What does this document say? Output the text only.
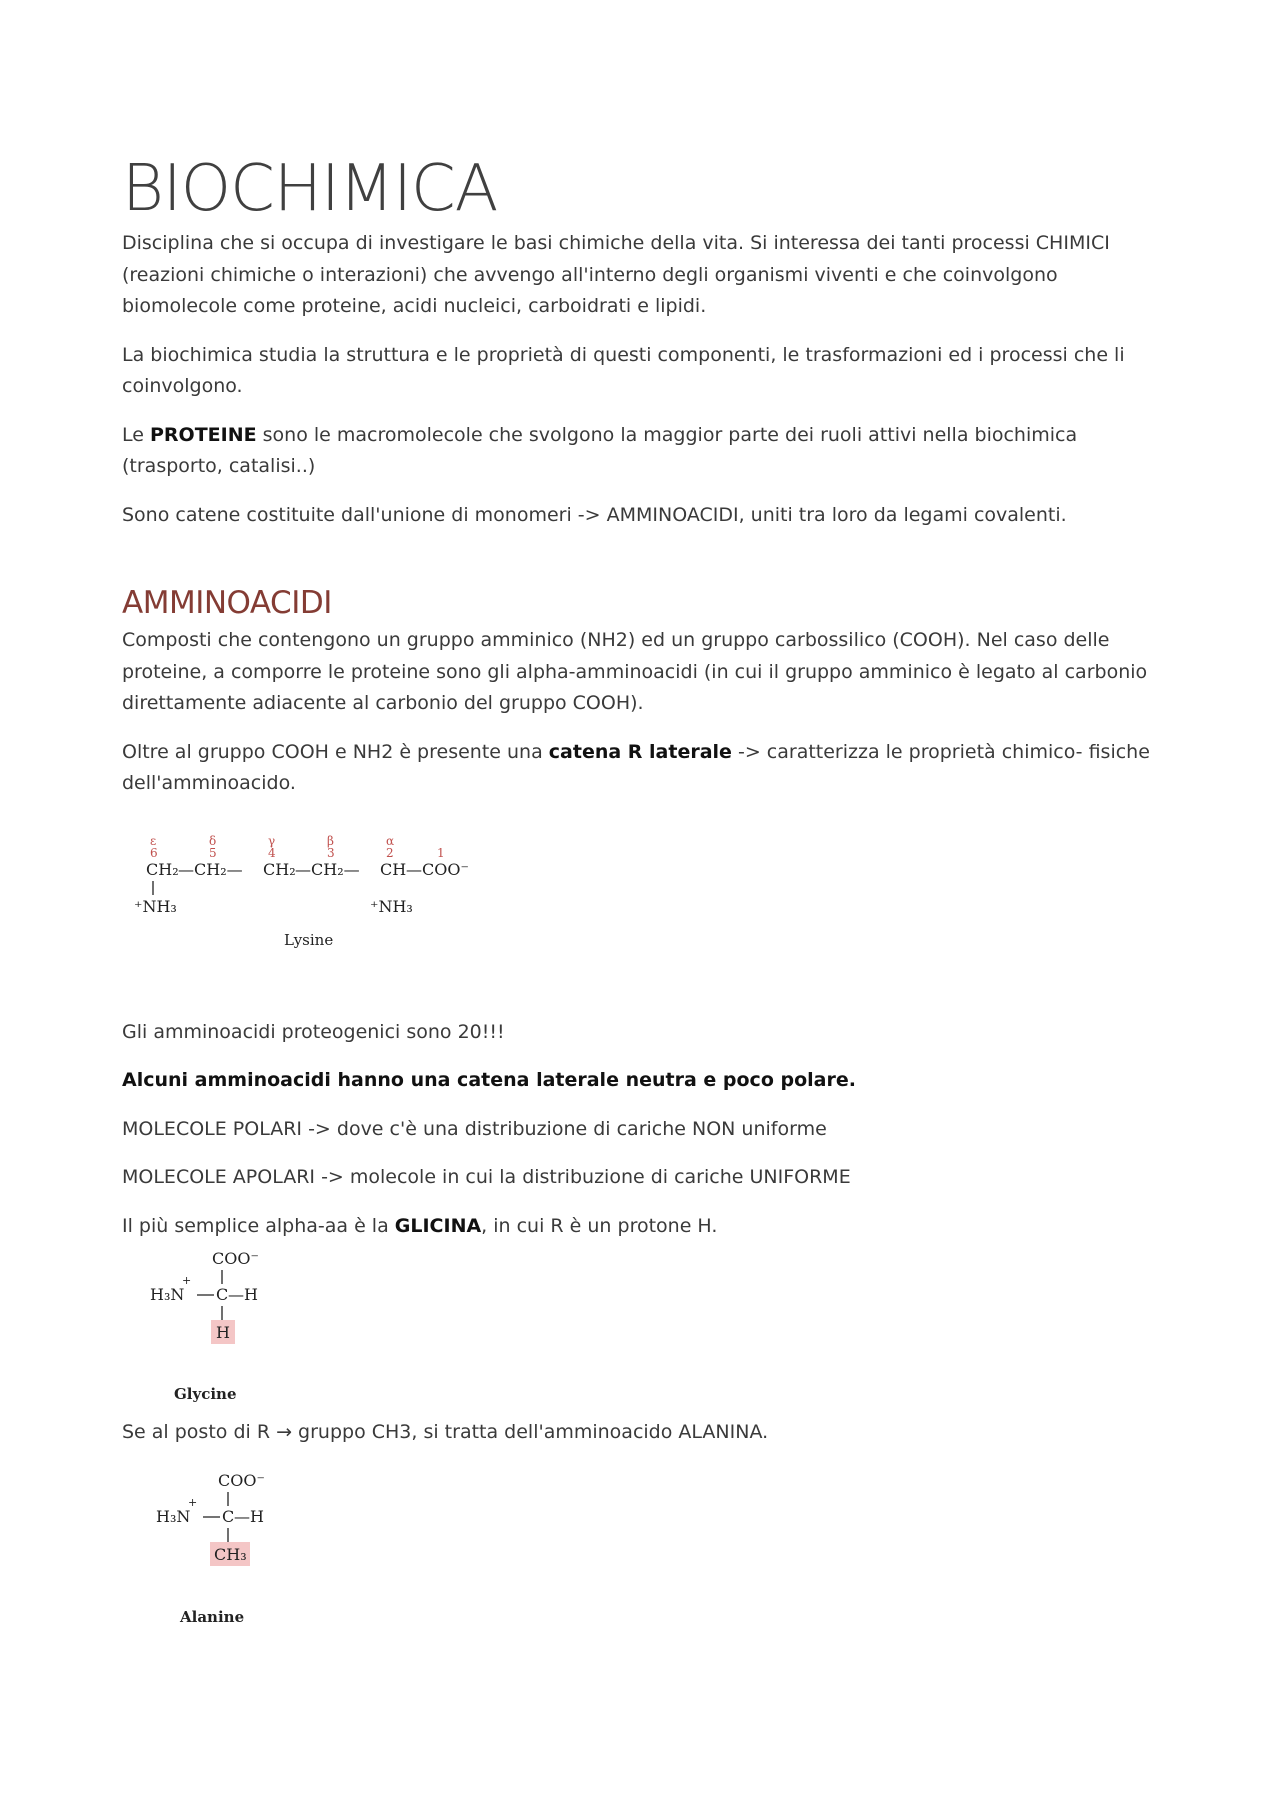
BIOCHIMICA

Disciplina che si occupa di investigare le basi chimiche della vita. Si interessa dei tanti processi CHIMICI (reazioni chimiche o interazioni) che avvengo all'interno degli organismi viventi e che coinvolgono biomolecole come proteine, acidi nucleici, carboidrati e lipidi.

La biochimica studia la struttura e le proprietà di questi componenti, le trasformazioni ed i processi che li coinvolgono.

Le PROTEINE sono le macromolecole che svolgono la maggior parte dei ruoli attivi nella biochimica (trasporto, catalisi..)

Sono catene costituite dall'unione di monomeri -> AMMINOACIDI, uniti tra loro da legami covalenti.

AMMINOACIDI

Composti che contengono un gruppo amminico (NH2) ed un gruppo carbossilico (COOH). Nel caso delle proteine, a comporre le proteine sono gli alpha-amminoacidi (in cui il gruppo amminico è legato al carbonio direttamente adiacente al carbonio del gruppo COOH).

Oltre al gruppo COOH e NH2 è presente una catena R laterale -> caratterizza le proprietà chimico- fisiche dell'amminoacido.

ε	δ	γ	β	α
6	5	4	3	2	1
CH₂ —CH₂— CH₂ —CH₂— CH —COO⁻
⁺NH₃	⁺NH₃
Lysine

Gli amminoacidi proteogenici sono 20!!!

Alcuni amminoacidi hanno una catena laterale neutra e poco polare.

MOLECOLE POLARI -> dove c'è una distribuzione di cariche NON uniforme

MOLECOLE APOLARI -> molecole in cui la distribuzione di cariche UNIFORME

Il più semplice alpha-aa è la GLICINA, in cui R è un protone H.

COO⁻
+
H₃N C —H
H
Glycine

Se al posto di R → gruppo CH3, si tratta dell'amminoacido ALANINA.

COO⁻
+
H₃N C —H
CH₃
Alanine
